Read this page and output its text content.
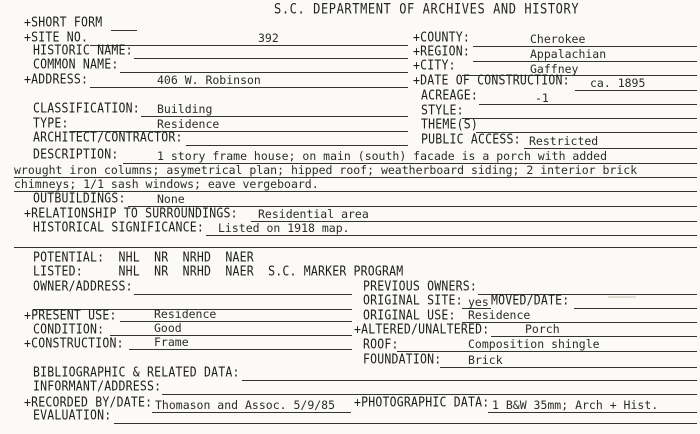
S.C. DEPARTMENT OF ARCHIVES AND HISTORY
+SHORT FORM
+SITE NO.	392
HISTORIC NAME:
COMMON NAME:
+ADDRESS:	406 W. Robinson
+COUNTY:	Cherokee
+REGION:	Appalachian
+CITY:	Gaffney
+DATE OF CONSTRUCTION: ca. 1895
ACREAGE:	-1
CLASSIFICATION: Building
TYPE:	Residence
ARCHITECT/CONTRACTOR:
STYLE:
THEME(S)
PUBLIC ACCESS: Restricted
DESCRIPTION:	1 story frame house; on main (south) facade is a porch with added
wrought iron columns; asymetrical plan; hipped roof; weatherboard siding; 2 interior brick
chimneys; 1/1 sash windows; eave vergeboard.
OUTBUILDINGS:	None
+RELATIONSHIP TO SURROUNDINGS: Residential area
HISTORICAL SIGNIFICANCE: Listed on 1918 map.
POTENTIAL:  NHL  NR  NRHD  NAER
LISTED:     NHL  NR  NRHD  NAER  S.C. MARKER PROGRAM
OWNER/ADDRESS:	PREVIOUS OWNERS:
ORIGINAL SITE: yes MOVED/DATE:
+PRESENT USE:	Residence	ORIGINAL USE: Residence
CONDITION:	Good	+ALTERED/UNALTERED:	Porch
+CONSTRUCTION:	Frame	ROOF:	Composition shingle
FOUNDATION: Brick
BIBLIOGRAPHIC & RELATED DATA:
INFORMANT/ADDRESS:
+RECORDED BY/DATE: Thomason and Assoc. 5/9/85 +PHOTOGRAPHIC DATA: 1 B&W 35mm; Arch + Hist.
EVALUATION:
